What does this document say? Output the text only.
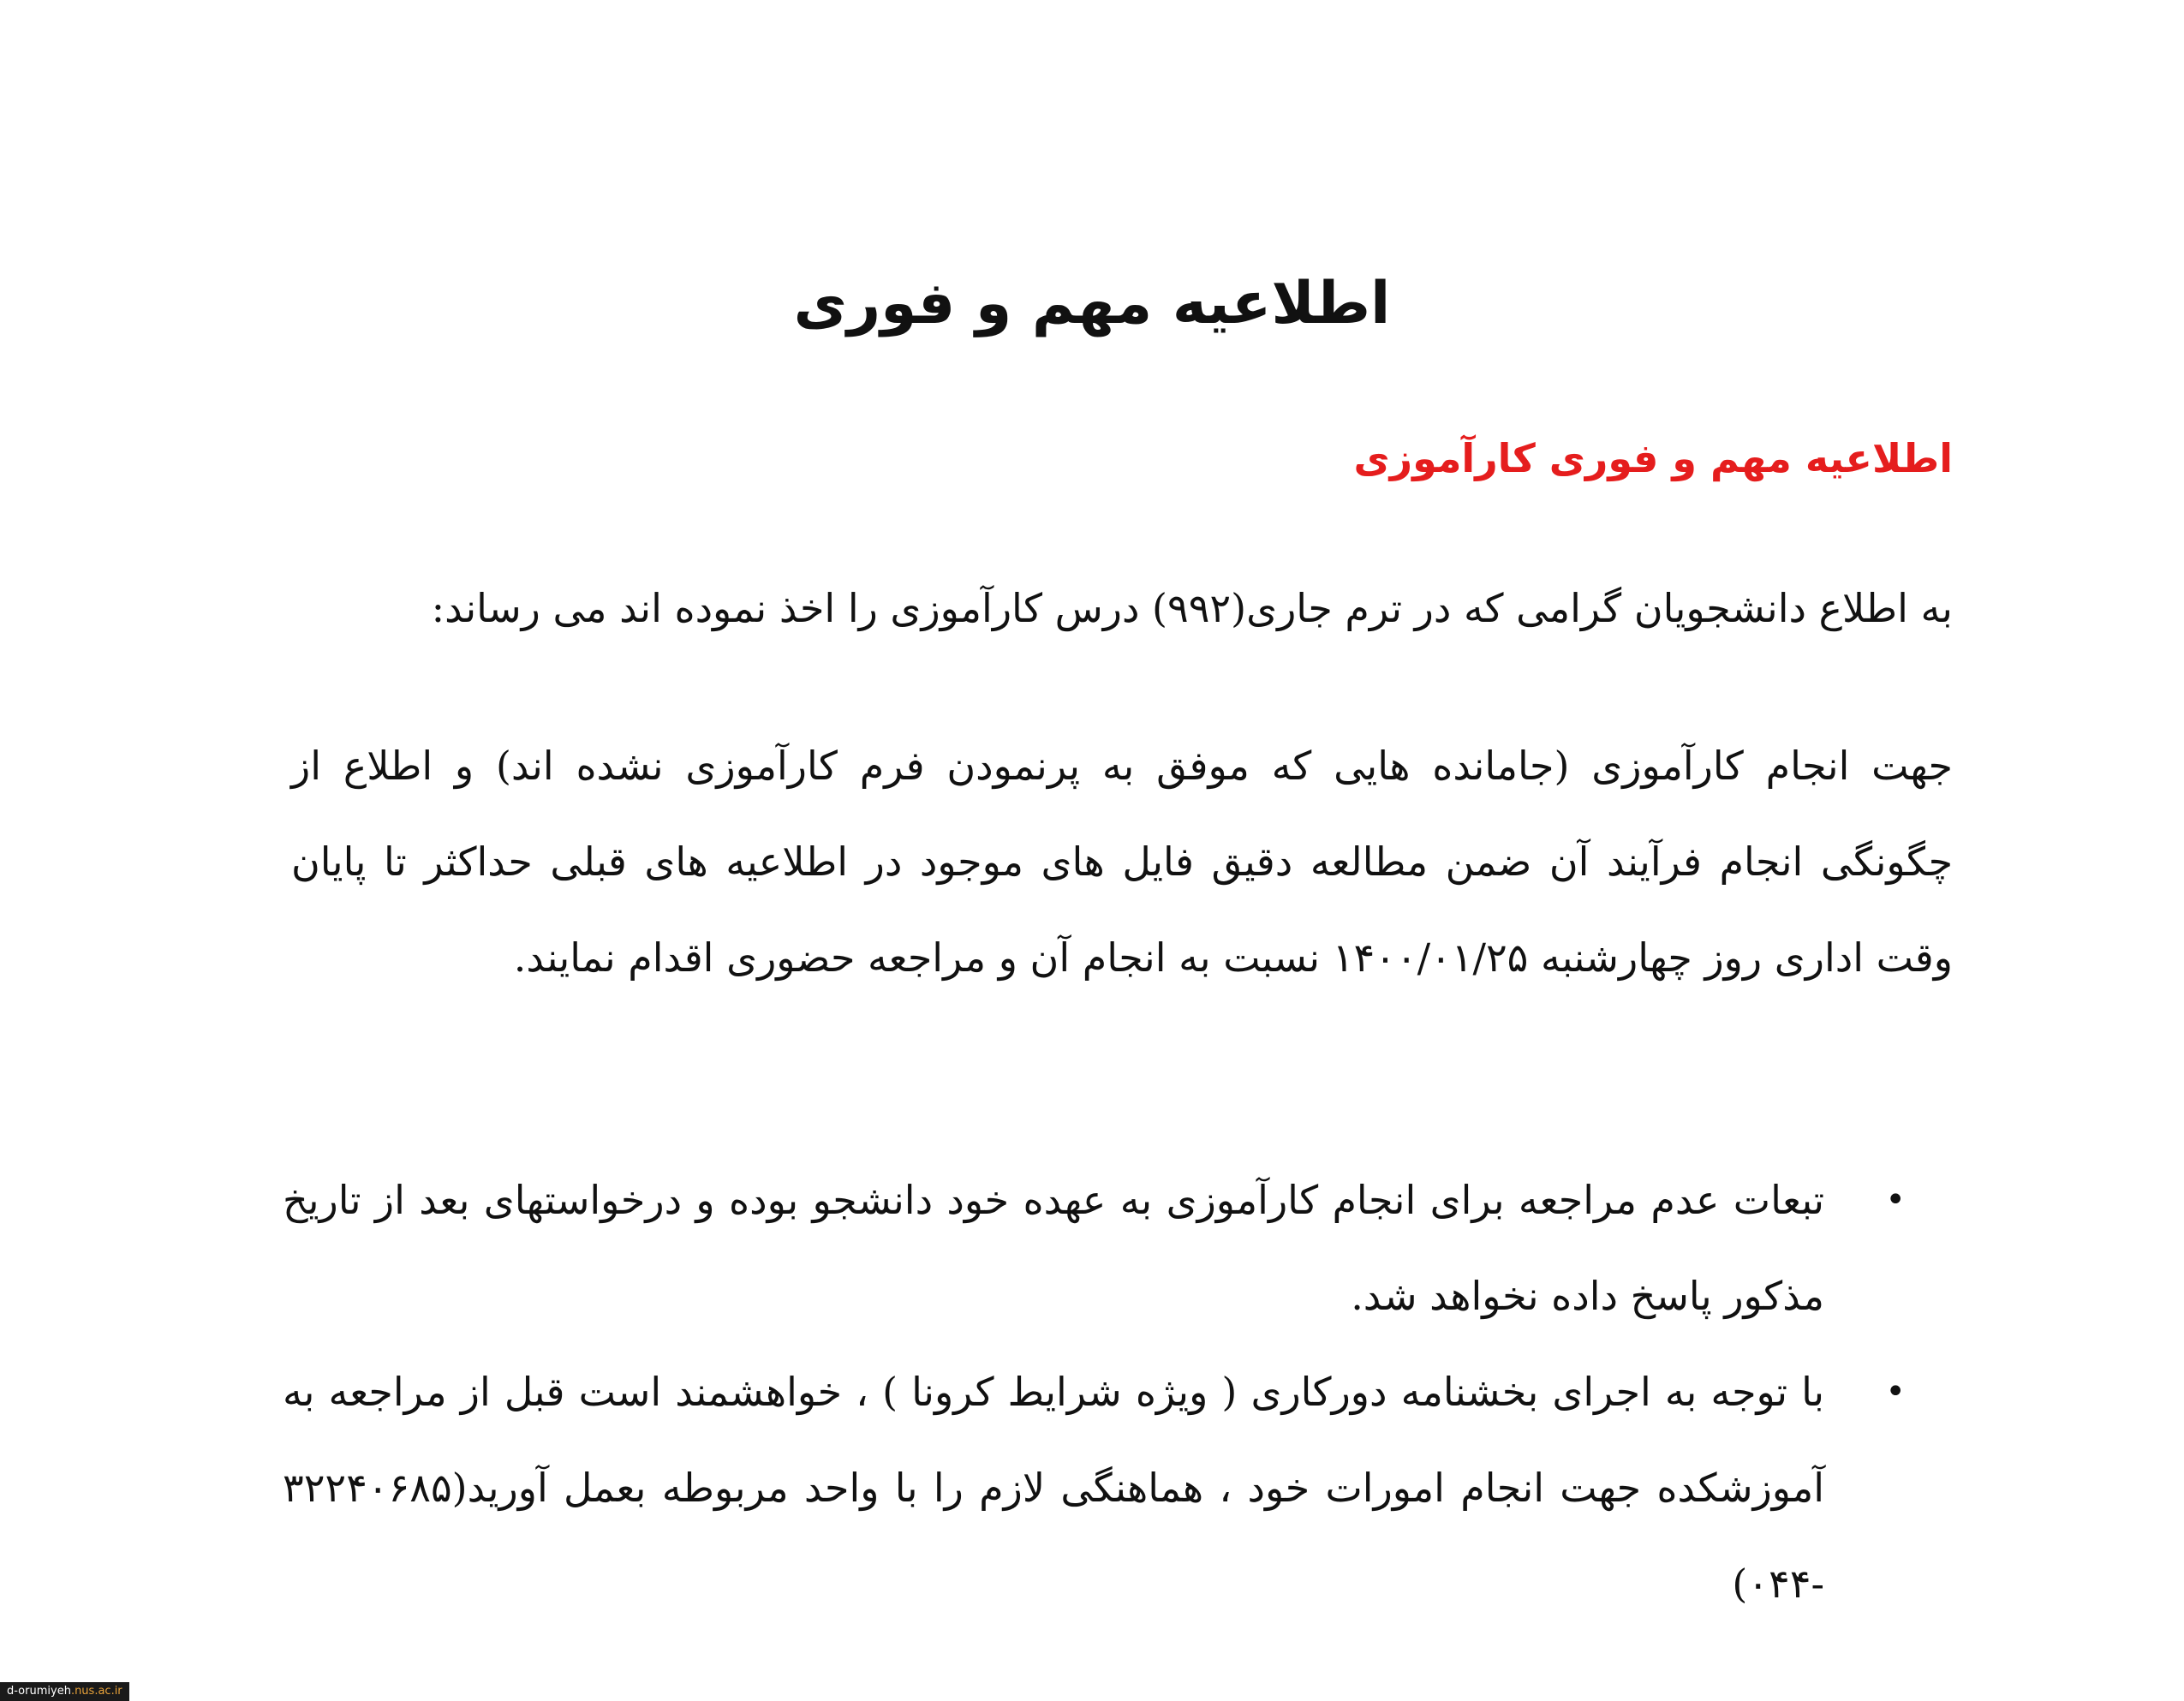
اطلاعیه مهم و فوری
اطلاعیه مهم و فوری کارآموزی

به اطلاع دانشجویان گرامی که در ترم جاری(۹۹۲) درس کارآموزی را اخذ نموده اند می رساند:

جهت انجام کارآموزی (جامانده هایی که موفق به پرنمودن فرم کارآموزی نشده اند) و اطلاع از چگونگی انجام فرآیند آن ضمن مطالعه دقیق فایل های موجود در اطلاعیه های قبلی حداکثر تا پایان وقت اداری روز چهارشنبه ۱۴۰۰/۰۱/۲۵ نسبت به انجام آن و مراجعه حضوری اقدام نمایند.

•
تبعات عدم مراجعه برای انجام کارآموزی به عهده خود دانشجو بوده و درخواستهای بعد از تاریخ مذکور پاسخ داده نخواهد شد.
•
با توجه به اجرای بخشنامه دورکاری ( ویژه شرایط کرونا ) ، خواهشمند است قبل از مراجعه به آموزشکده جهت انجام امورات خود ، هماهنگی لازم را با واحد مربوطه بعمل آورید(۳۲۲۴۰۶۸۵ -۰۴۴)
d-orumiyeh.nus.ac.ir
